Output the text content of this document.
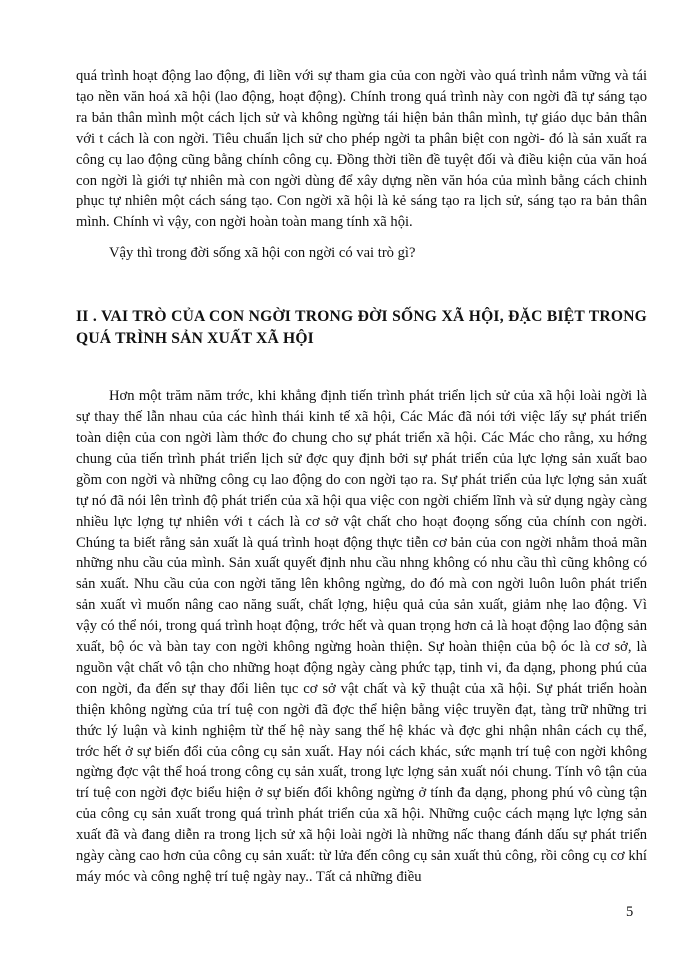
quá trình hoạt động lao động, đi liền với sự tham gia của con ngời vào quá trình nắm vững và tái tạo nền văn hoá xã hội (lao động, hoạt động). Chính trong quá trình này con ngời đã tự sáng tạo ra bản thân mình một cách lịch sử và không ngừng tái hiện bản thân mình, tự giáo dục bản thân với t cách là con ngời. Tiêu chuẩn lịch sử cho phép ngời ta phân biệt con ngời- đó là sản xuất ra công cụ lao động cũng bằng chính công cụ. Đồng thời tiền đề tuyệt đối và điều kiện của văn hoá con ngời là giới tự nhiên mà con ngời dùng để xây dựng nền văn hóa của mình bằng cách chinh phục tự nhiên một cách sáng tạo. Con ngời xã hội là kẻ sáng tạo ra lịch sử, sáng tạo ra bản thân mình. Chính vì vậy, con ngời hoàn toàn mang tính xã hội.

Vậy thì trong đời sống xã hội con ngời có vai trò gì?

II . VAI TRÒ CỦA CON NGỜI TRONG ĐỜI SỐNG XÃ HỘI, ĐẶC BIỆT TRONG QUÁ TRÌNH SẢN XUẤT XÃ HỘI

Hơn một trăm năm trớc, khi khẳng định tiến trình phát triển lịch sử của xã hội loài ngời là sự thay thế lẫn nhau của các hình thái kinh tế xã hội, Các Mác đã nói tới việc lấy sự phát triển toàn diện của con ngời làm thớc đo chung cho sự phát triển xã hội. Các Mác cho rằng, xu hớng chung của tiến trình phát triển lịch sử đợc quy định bởi sự phát triển của lực lợng sản xuất bao gồm con ngời và những công cụ lao động do con ngời tạo ra. Sự phát triển của lực lợng sản xuất tự nó đã nói lên trình độ phát triển của xã hội qua việc con ngời chiếm lĩnh và sử dụng ngày càng nhiều lực lợng tự nhiên với t cách là cơ sở vật chất cho hoạt đoọng sống của chính con ngời. Chúng ta biết rằng sản xuất là quá trình hoạt động thực tiễn cơ bản của con ngời nhằm thoả mãn những nhu cầu của mình. Sản xuất quyết định nhu cầu nhng không có nhu cầu thì cũng không có sản xuất. Nhu cầu của con ngời tăng lên không ngừng, do đó mà con ngời luôn luôn phát triển sản xuất vì muốn nâng cao năng suất, chất lợng, hiệu quả của sản xuất, giảm nhẹ lao động. Vì vậy có thể nói, trong quá trình hoạt động, trớc hết và quan trọng hơn cả là hoạt động lao động sản xuất, bộ óc và bàn tay con ngời không ngừng hoàn thiện. Sự hoàn thiện của bộ óc là cơ sở, là nguồn vật chất vô tận cho những hoạt động ngày càng phức tạp, tinh vi, đa dạng, phong phú của con ngời, đa đến sự thay đổi liên tục cơ sở vật chất và kỹ thuật của xã hội. Sự phát triển hoàn thiện không ngừng của trí tuệ con ngời đã đợc thể hiện bằng việc truyền đạt, tàng trữ những tri thức lý luận và kinh nghiệm từ thế hệ này sang thế hệ khác và đợc ghi nhận nhân cách cụ thể, trớc hết ở sự biến đổi của công cụ sản xuất. Hay nói cách khác, sức mạnh trí tuệ con ngời không ngừng đợc vật thể hoá trong công cụ sản xuất, trong lực lợng sản xuất nói chung. Tính vô tận của trí tuệ con ngời đợc biểu hiện ở sự biến đổi không ngừng ở tính đa dạng, phong phú vô cùng tận của công cụ sản xuất trong quá trình phát triển của xã hội. Những cuộc cách mạng lực lợng sản xuất đã và đang diễn ra trong lịch sử xã hội loài ngời là những nấc thang đánh dấu sự phát triển ngày càng cao hơn của công cụ sản xuất: từ lửa đến công cụ sản xuất thủ công, rồi công cụ cơ khí máy móc và công nghệ trí tuệ ngày nay.. Tất cả những điều

5
